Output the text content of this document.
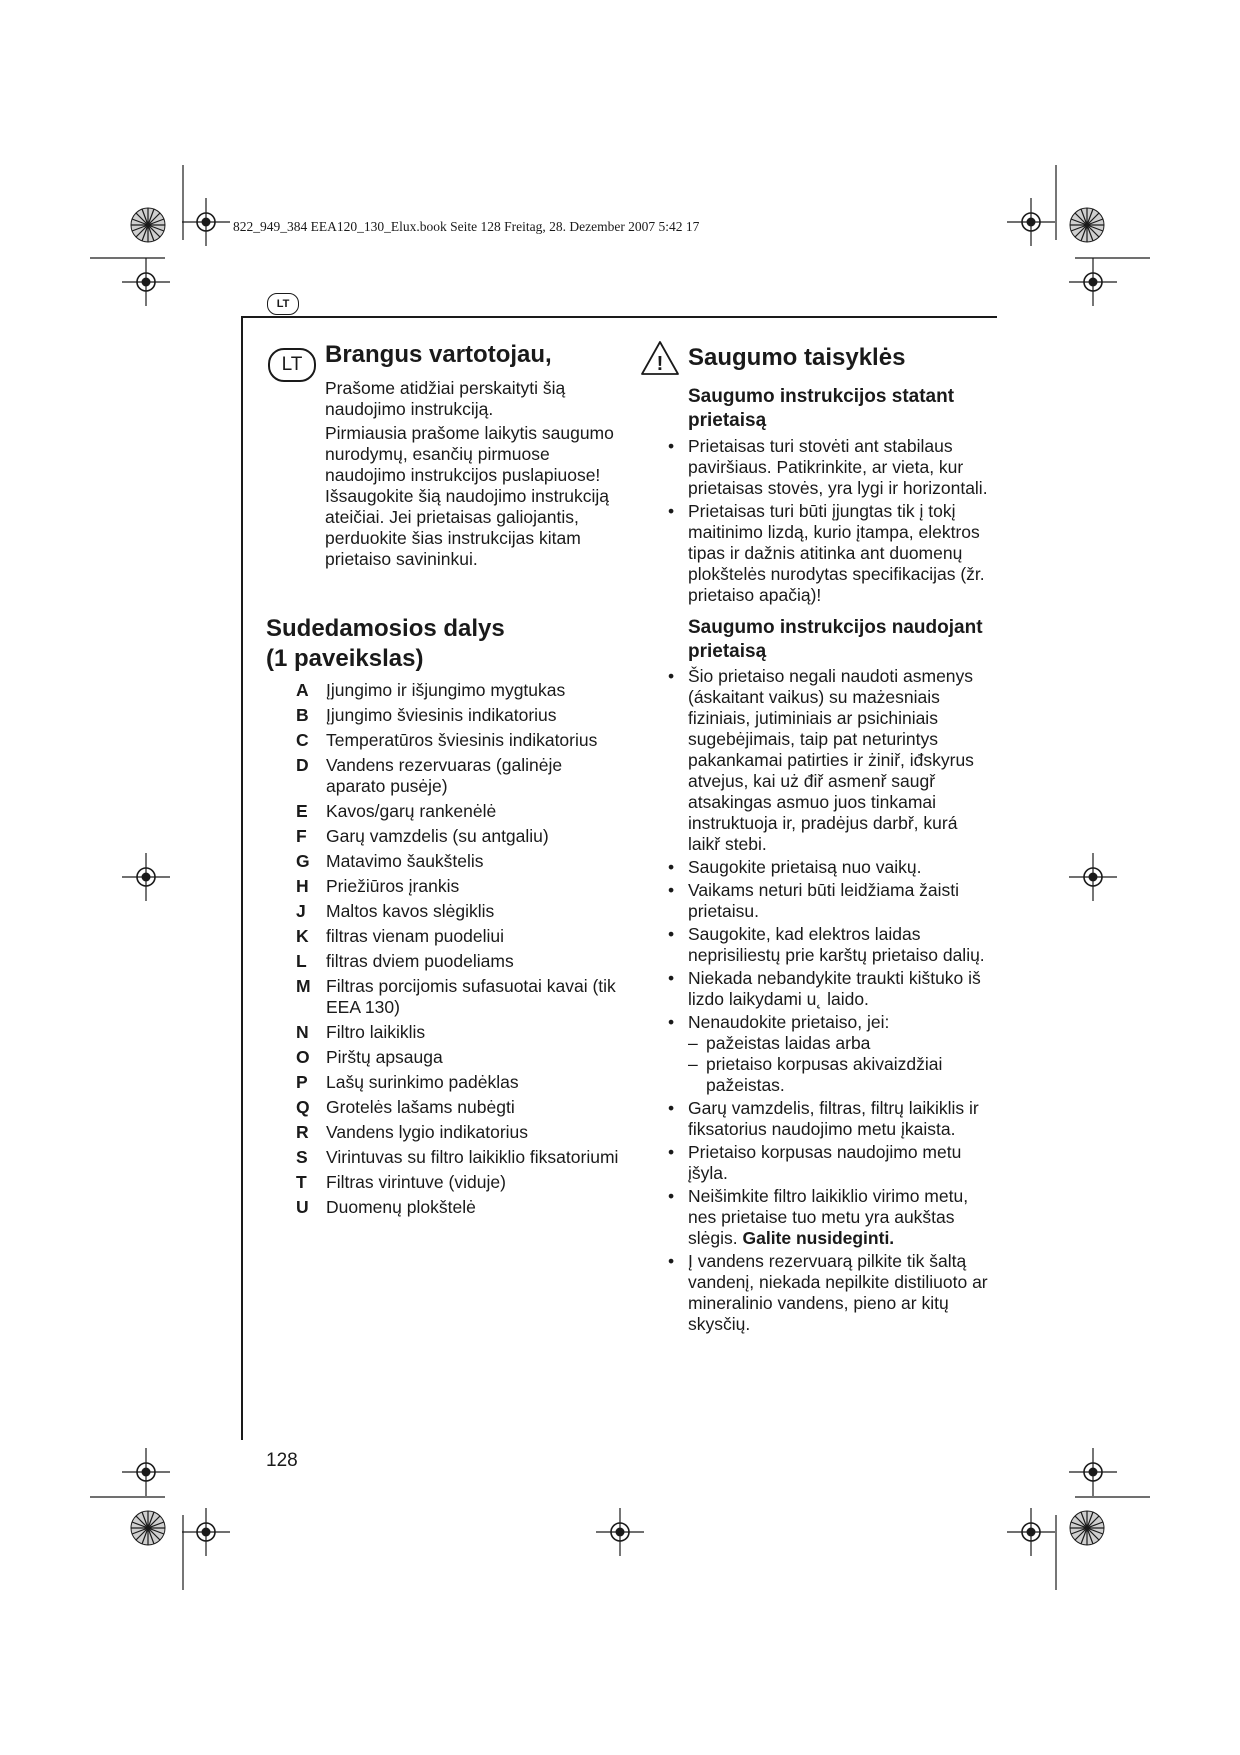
822_949_384 EEA120_130_Elux.book Seite 128 Freitag, 28. Dezember 2007 5:42 17
LT
LT Brangus vartotojau,

Prašome atidžiai perskaityti šią naudojimo instrukciją.

Pirmiausia prašome laikytis saugumo nurodymų, esančių pirmuose naudojimo instrukcijos puslapiuose! Išsaugokite šią naudojimo instrukciją ateičiai. Jei prietaisas galiojantis, perduokite šias instrukcijas kitam prietaiso savininkui.

Sudedamosios dalys
(1 paveikslas)
A Įjungimo ir išjungimo mygtukas
B Įjungimo šviesinis indikatorius
C Temperatūros šviesinis indikatorius
D Vandens rezervuaras (galinėje aparato pusėje)
E Kavos/garų rankenėlė
F Garų vamzdelis (su antgaliu)
G Matavimo šaukštelis
H Priežiūros įrankis
J Maltos kavos slėgiklis
K filtras vienam puodeliui
L filtras dviem puodeliams
M Filtras porcijomis sufasuotai kavai (tik EEA 130)
N Filtro laikiklis
O Pirštų apsauga
P Lašų surinkimo padėklas
Q Grotelės lašams nubėgti
R Vandens lygio indikatorius
S Virintuvas su filtro laikiklio fiksatoriumi
T Filtras virintuve (viduje)
U Duomenų plokštelė
128
! Saugumo taisyklės
Saugumo instrukcijos statant prietaisą
• Prietaisas turi stovėti ant stabilaus paviršiaus. Patikrinkite, ar vieta, kur prietaisas stovės, yra lygi ir horizontali.
• Prietaisas turi būti įjungtas tik į tokį maitinimo lizdą, kurio įtampa, elektros tipas ir dažnis atitinka ant duomenų plokštelės nurodytas specifikacijas (žr. prietaiso apačią)!
Saugumo instrukcijos naudojant prietaisą
• Šio prietaiso negali naudoti asmenys (áskaitant vaikus) su mażesniais fiziniais, jutiminiais ar psichiniais sugebėjimais, taip pat neturintys pakankamai patirties ir żiniř, iđskyrus atvejus, kai uż điř asmenř saugř atsakingas asmuo juos tinkamai instruktuoja ir, pradėjus darbř, kurá laikř stebi.
• Saugokite prietaisą nuo vaikų.
• Vaikams neturi būti leidžiama žaisti prietaisu.
• Saugokite, kad elektros laidas neprisiliestų prie karštų prietaiso dalių.
• Niekada nebandykite traukti kištuko iš lizdo laikydami u˛ laido.
• Nenaudokite prietaiso, jei:
– pažeistas laidas arba
– prietaiso korpusas akivaizdžiai pažeistas.
• Garų vamzdelis, filtras, filtrų laikiklis ir fiksatorius naudojimo metu įkaista.
• Prietaiso korpusas naudojimo metu įšyla.
• Neišimkite filtro laikiklio virimo metu, nes prietaise tuo metu yra aukštas slėgis. Galite nusideginti.
• Į vandens rezervuarą pilkite tik šaltą vandenį, niekada nepilkite distiliuoto ar mineralinio vandens, pieno ar kitų skysčių.
